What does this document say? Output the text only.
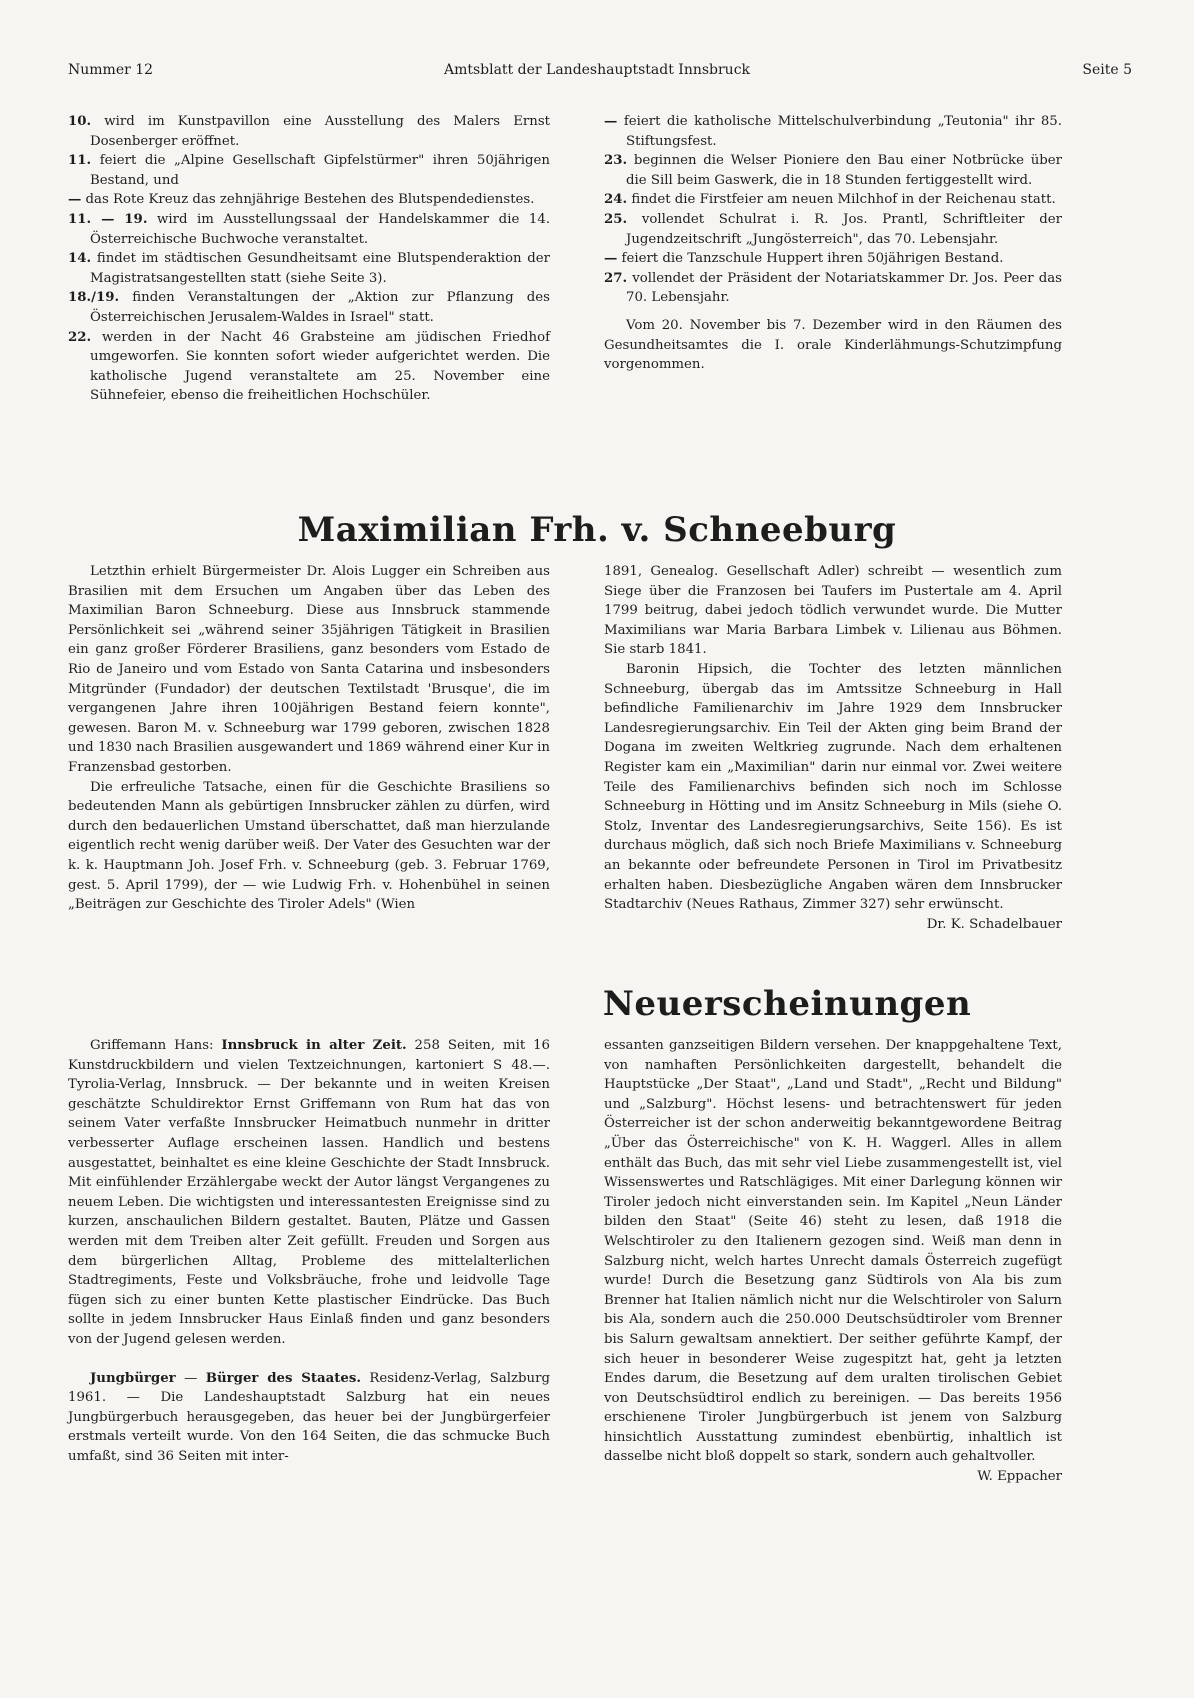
Nummer 12	Amtsblatt der Landeshauptstadt Innsbruck	Seite 5

10. wird im Kunstpavillon eine Ausstellung des Malers Ernst Dosenberger eröffnet.

11. feiert die „Alpine Gesellschaft Gipfelstürmer" ihren 50jährigen Bestand, und

— das Rote Kreuz das zehnjährige Bestehen des Blutspendedienstes.

11. — 19. wird im Ausstellungssaal der Handelskammer die 14. Österreichische Buchwoche veranstaltet.

14. findet im städtischen Gesundheitsamt eine Blutspenderaktion der Magistratsangestellten statt (siehe Seite 3).

18./19. finden Veranstaltungen der „Aktion zur Pflanzung des Österreichischen Jerusalem-Waldes in Israel" statt.

22. werden in der Nacht 46 Grabsteine am jüdischen Friedhof umgeworfen. Sie konnten sofort wieder aufgerichtet werden. Die katholische Jugend veranstaltete am 25. November eine Sühnefeier, ebenso die freiheitlichen Hochschüler.

— feiert die katholische Mittelschulverbindung „Teutonia" ihr 85. Stiftungsfest.

23. beginnen die Welser Pioniere den Bau einer Notbrücke über die Sill beim Gaswerk, die in 18 Stunden fertiggestellt wird.

24. findet die Firstfeier am neuen Milchhof in der Reichenau statt.

25. vollendet Schulrat i. R. Jos. Prantl, Schriftleiter der Jugendzeitschrift „Jungösterreich", das 70. Lebensjahr.

— feiert die Tanzschule Huppert ihren 50jährigen Bestand.

27. vollendet der Präsident der Notariatskammer Dr. Jos. Peer das 70. Lebensjahr.

Vom 20. November bis 7. Dezember wird in den Räumen des Gesundheitsamtes die I. orale Kinderlähmungs-Schutzimpfung vorgenommen.

Maximilian Frh. v. Schneeburg

Letzthin erhielt Bürgermeister Dr. Alois Lugger ein Schreiben aus Brasilien mit dem Ersuchen um Angaben über das Leben des Maximilian Baron Schneeburg. Diese aus Innsbruck stammende Persönlichkeit sei „während seiner 35jährigen Tätigkeit in Brasilien ein ganz großer Förderer Brasiliens, ganz besonders vom Estado de Rio de Janeiro und vom Estado von Santa Catarina und insbesonders Mitgründer (Fundador) der deutschen Textilstadt 'Brusque', die im vergangenen Jahre ihren 100jährigen Bestand feiern konnte", gewesen. Baron M. v. Schneeburg war 1799 geboren, zwischen 1828 und 1830 nach Brasilien ausgewandert und 1869 während einer Kur in Franzensbad gestorben.

Die erfreuliche Tatsache, einen für die Geschichte Brasiliens so bedeutenden Mann als gebürtigen Innsbrucker zählen zu dürfen, wird durch den bedauerlichen Umstand überschattet, daß man hierzulande eigentlich recht wenig darüber weiß. Der Vater des Gesuchten war der k. k. Hauptmann Joh. Josef Frh. v. Schneeburg (geb. 3. Februar 1769, gest. 5. April 1799), der — wie Ludwig Frh. v. Hohenbühel in seinen „Beiträgen zur Geschichte des Tiroler Adels" (Wien

1891, Genealog. Gesellschaft Adler) schreibt — wesentlich zum Siege über die Franzosen bei Taufers im Pustertale am 4. April 1799 beitrug, dabei jedoch tödlich verwundet wurde. Die Mutter Maximilians war Maria Barbara Limbek v. Lilienau aus Böhmen. Sie starb 1841.

Baronin Hipsich, die Tochter des letzten männlichen Schneeburg, übergab das im Amtssitze Schneeburg in Hall befindliche Familienarchiv im Jahre 1929 dem Innsbrucker Landesregierungsarchiv. Ein Teil der Akten ging beim Brand der Dogana im zweiten Weltkrieg zugrunde. Nach dem erhaltenen Register kam ein „Maximilian" darin nur einmal vor. Zwei weitere Teile des Familienarchivs befinden sich noch im Schlosse Schneeburg in Hötting und im Ansitz Schneeburg in Mils (siehe O. Stolz, Inventar des Landesregierungsarchivs, Seite 156). Es ist durchaus möglich, daß sich noch Briefe Maximilians v. Schneeburg an bekannte oder befreundete Personen in Tirol im Privatbesitz erhalten haben. Diesbezügliche Angaben wären dem Innsbrucker Stadtarchiv (Neues Rathaus, Zimmer 327) sehr erwünscht.

Dr. K. Schadelbauer

Neuerscheinungen

Griffemann Hans: Innsbruck in alter Zeit. 258 Seiten, mit 16 Kunstdruckbildern und vielen Textzeichnungen, kartoniert S 48.—. Tyrolia-Verlag, Innsbruck. — Der bekannte und in weiten Kreisen geschätzte Schuldirektor Ernst Griffemann von Rum hat das von seinem Vater verfaßte Innsbrucker Heimatbuch nunmehr in dritter verbesserter Auflage erscheinen lassen. Handlich und bestens ausgestattet, beinhaltet es eine kleine Geschichte der Stadt Innsbruck. Mit einfühlender Erzählergabe weckt der Autor längst Vergangenes zu neuem Leben. Die wichtigsten und interessantesten Ereignisse sind zu kurzen, anschaulichen Bildern gestaltet. Bauten, Plätze und Gassen werden mit dem Treiben alter Zeit gefüllt. Freuden und Sorgen aus dem bürgerlichen Alltag, Probleme des mittelalterlichen Stadtregiments, Feste und Volksbräuche, frohe und leidvolle Tage fügen sich zu einer bunten Kette plastischer Eindrücke. Das Buch sollte in jedem Innsbrucker Haus Einlaß finden und ganz besonders von der Jugend gelesen werden.

Jungbürger — Bürger des Staates. Residenz-Verlag, Salzburg 1961. — Die Landeshauptstadt Salzburg hat ein neues Jungbürgerbuch herausgegeben, das heuer bei der Jungbürgerfeier erstmals verteilt wurde. Von den 164 Seiten, die das schmucke Buch umfaßt, sind 36 Seiten mit inter-

essanten ganzseitigen Bildern versehen. Der knappgehaltene Text, von namhaften Persönlichkeiten dargestellt, behandelt die Hauptstücke „Der Staat", „Land und Stadt", „Recht und Bildung" und „Salzburg". Höchst lesens- und betrachtenswert für jeden Österreicher ist der schon anderweitig bekanntgewordene Beitrag „Über das Österreichische" von K. H. Waggerl. Alles in allem enthält das Buch, das mit sehr viel Liebe zusammengestellt ist, viel Wissenswertes und Ratschlägiges. Mit einer Darlegung können wir Tiroler jedoch nicht einverstanden sein. Im Kapitel „Neun Länder bilden den Staat" (Seite 46) steht zu lesen, daß 1918 die Welschtiroler zu den Italienern gezogen sind. Weiß man denn in Salzburg nicht, welch hartes Unrecht damals Österreich zugefügt wurde! Durch die Besetzung ganz Südtirols von Ala bis zum Brenner hat Italien nämlich nicht nur die Welschtiroler von Salurn bis Ala, sondern auch die 250.000 Deutschsüdtiroler vom Brenner bis Salurn gewaltsam annektiert. Der seither geführte Kampf, der sich heuer in besonderer Weise zugespitzt hat, geht ja letzten Endes darum, die Besetzung auf dem uralten tirolischen Gebiet von Deutschsüdtirol endlich zu bereinigen. — Das bereits 1956 erschienene Tiroler Jungbürgerbuch ist jenem von Salzburg hinsichtlich Ausstattung zumindest ebenbürtig, inhaltlich ist dasselbe nicht bloß doppelt so stark, sondern auch gehaltvoller.

W. Eppacher
